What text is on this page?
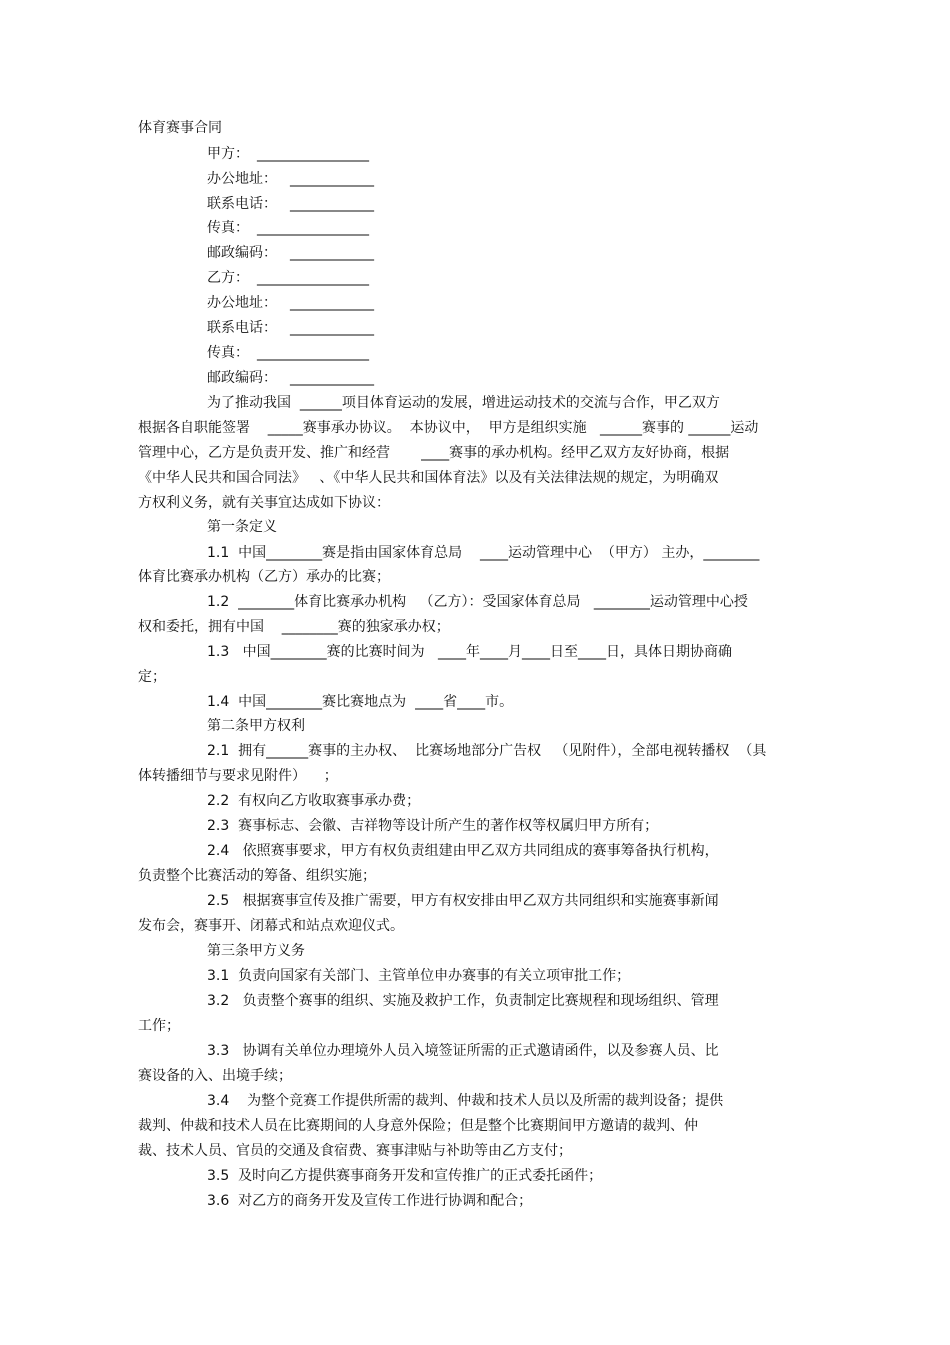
体育赛事合同
甲方： ________________
办公地址： ____________
联系电话： ____________
传真： ________________
邮政编码： ____________
乙方： ________________
办公地址： ____________
联系电话： ____________
传真： ________________
邮政编码： ____________
为了推动我国  ______项目体育运动的发展，增进运动技术的交流与合作，甲乙双方
根据各自职能签署    _____赛事承办协议。  本协议中，  甲方是组织实施   ______赛事的 ______运动
管理中心，乙方是负责开发、推广和经营       ____赛事的承办机构。经甲乙双方友好协商，根据
《中华人民共和国合同法》   、《中华人民共和国体育法》以及有关法律法规的规定，为明确双
方权利义务，就有关事宜达成如下协议：
第一条定义
1.1  中国________赛是指由国家体育总局    ____运动管理中心  （甲方） 主办，________
体育比赛承办机构（乙方）承办的比赛；
1.2  ________体育比赛承办机构   （乙方）：受国家体育总局   ________运动管理中心授
权和委托，拥有中国    ________赛的独家承办权；
1.3   中国________赛的比赛时间为   ____年____月____日至____日，具体日期协商确
定；
1.4  中国________赛比赛地点为  ____省____市。
第二条甲方权利
2.1  拥有______赛事的主办权、  比赛场地部分广告权   （见附件），全部电视转播权  （具
体转播细节与要求见附件）    ；
2.2  有权向乙方收取赛事承办费；
2.3  赛事标志、会徽、吉祥物等设计所产生的著作权等权属归甲方所有；
2.4   依照赛事要求，甲方有权负责组建由甲乙双方共同组成的赛事筹备执行机构，
负责整个比赛活动的筹备、组织实施；
2.5   根据赛事宣传及推广需要，甲方有权安排由甲乙双方共同组织和实施赛事新闻
发布会，赛事开、闭幕式和站点欢迎仪式。
第三条甲方义务
3.1  负责向国家有关部门、主管单位申办赛事的有关立项审批工作；
3.2   负责整个赛事的组织、实施及救护工作，负责制定比赛规程和现场组织、管理
工作；
3.3   协调有关单位办理境外人员入境签证所需的正式邀请函件，以及参赛人员、比
赛设备的入、出境手续；
3.4    为整个竞赛工作提供所需的裁判、仲裁和技术人员以及所需的裁判设备；提供
裁判、仲裁和技术人员在比赛期间的人身意外保险；但是整个比赛期间甲方邀请的裁判、仲
裁、技术人员、官员的交通及食宿费、赛事津贴与补助等由乙方支付；
3.5  及时向乙方提供赛事商务开发和宣传推广的正式委托函件；
3.6  对乙方的商务开发及宣传工作进行协调和配合；
